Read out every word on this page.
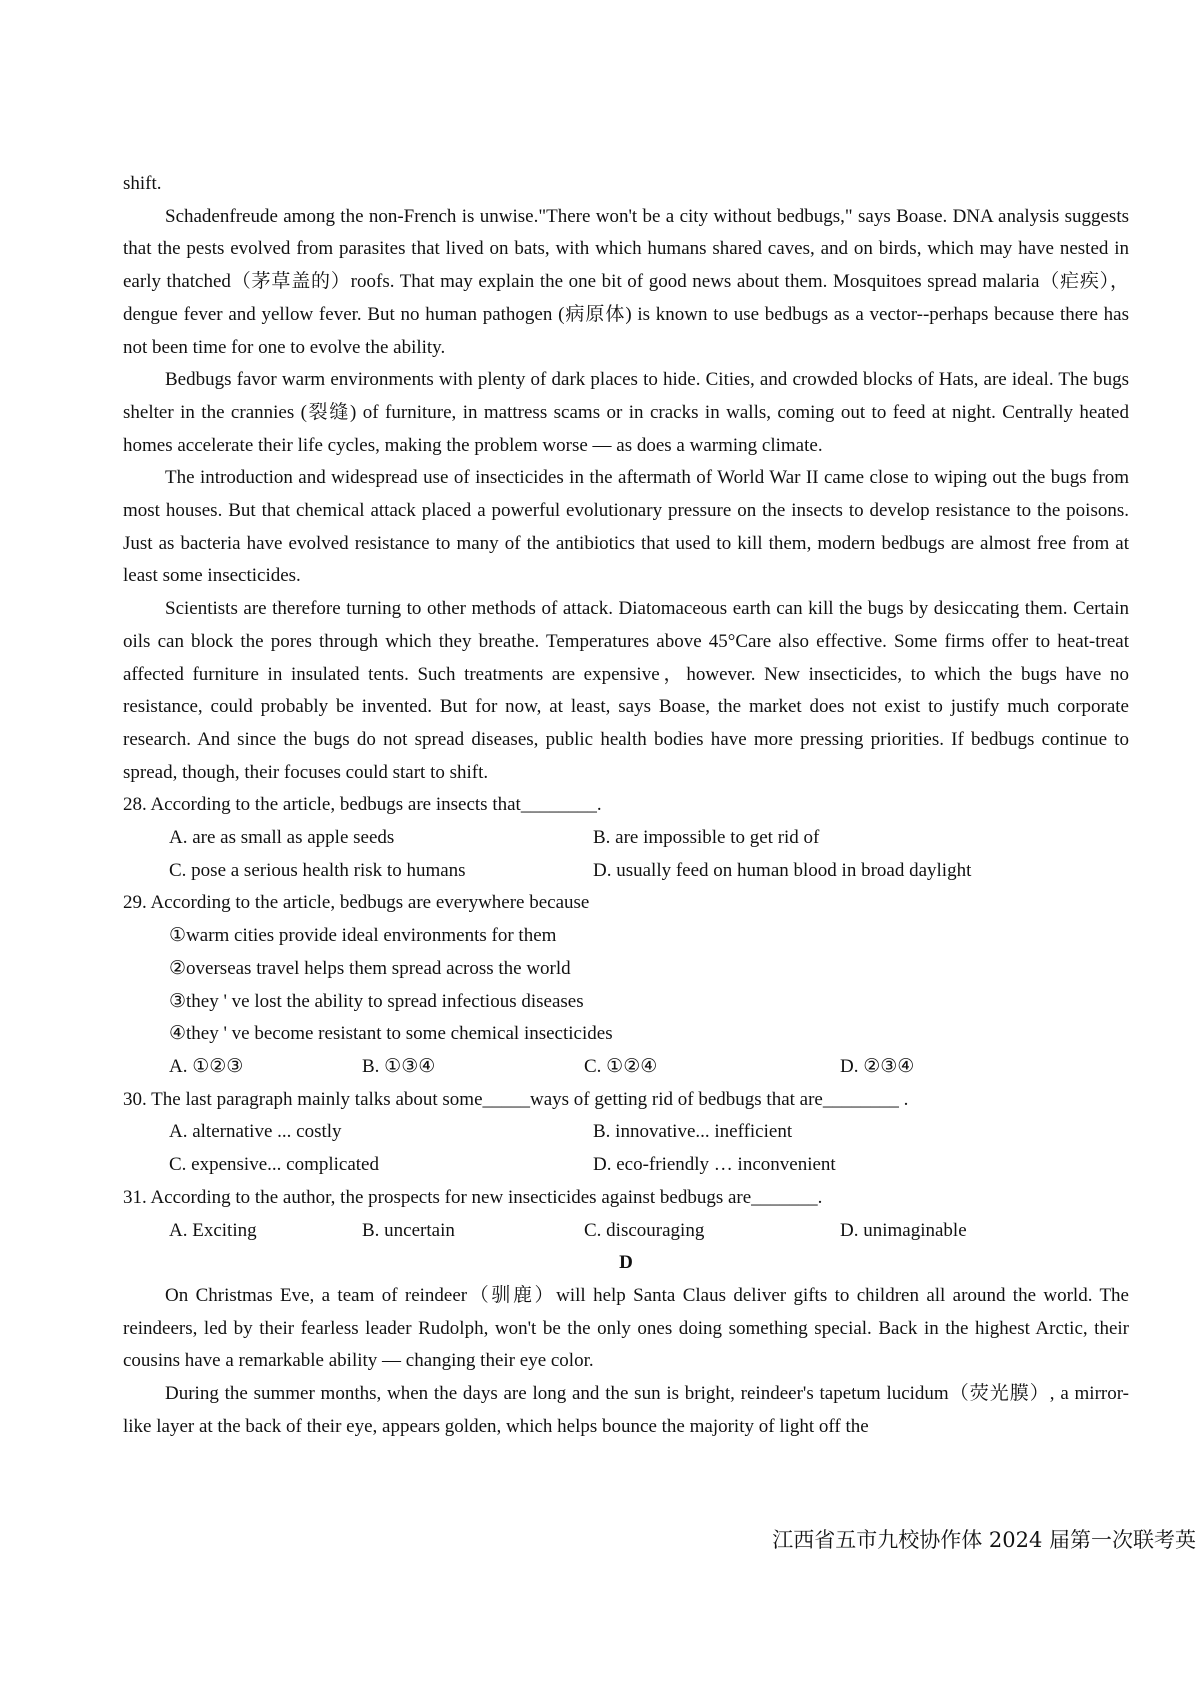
shift.

Schadenfreude among the non-French is unwise."There won't be a city without bedbugs," says Boase. DNA analysis suggests that the pests evolved from parasites that lived on bats, with which humans shared caves, and on birds, which may have nested in early thatched（茅草盖的）roofs. That may explain the one bit of good news about them. Mosquitoes spread malaria（疟疾）， dengue fever and yellow fever. But no human pathogen (病原体) is known to use bedbugs as a vector--perhaps because there has not been time for one to evolve the ability.

Bedbugs favor warm environments with plenty of dark places to hide. Cities, and crowded blocks of Hats, are ideal. The bugs shelter in the crannies (裂缝) of furniture, in mattress scams or in cracks in walls, coming out to feed at night. Centrally heated homes accelerate their life cycles, making the problem worse — as does a warming climate.

The introduction and widespread use of insecticides in the aftermath of World War II came close to wiping out the bugs from most houses. But that chemical attack placed a powerful evolutionary pressure on the insects to develop resistance to the poisons. Just as bacteria have evolved resistance to many of the antibiotics that used to kill them, modern bedbugs are almost free from at least some insecticides.

Scientists are therefore turning to other methods of attack. Diatomaceous earth can kill the bugs by desiccating them. Certain oils can block the pores through which they breathe. Temperatures above 45°Care also effective. Some firms offer to heat-treat affected furniture in insulated tents. Such treatments are expensive，however. New insecticides, to which the bugs have no resistance, could probably be invented. But for now, at least, says Boase, the market does not exist to justify much corporate research. And since the bugs do not spread diseases, public health bodies have more pressing priorities. If bedbugs continue to spread, though, their focuses could start to shift.

28. According to the article, bedbugs are insects that________.
A. are as small as apple seeds	B. are impossible to get rid of
C. pose a serious health risk to humans	D. usually feed on human blood in broad daylight
29. According to the article, bedbugs are everywhere because
①warm cities provide ideal environments for them
②overseas travel helps them spread across the world
③they ' ve lost the ability to spread infectious diseases
④they ' ve become resistant to some chemical insecticides
A. ①②③	B. ①③④	C. ①②④	D. ②③④
30. The last paragraph mainly talks about some_____ways of getting rid of bedbugs that are________ .
A. alternative ... costly	B. innovative... inefficient
C. expensive... complicated	D. eco-friendly … inconvenient
31. According to the author, the prospects for new insecticides against bedbugs are_______.
A. Exciting	B. uncertain	C. discouraging	D. unimaginable
D

On Christmas Eve, a team of reindeer（驯鹿）will help Santa Claus deliver gifts to children all around the world. The reindeers, led by their fearless leader Rudolph, won't be the only ones doing something special. Back in the highest Arctic, their cousins have a remarkable ability — changing their eye color.

During the summer months, when the days are long and the sun is bright, reindeer's tapetum lucidum（荧光膜）, a mirror-like layer at the back of their eye, appears golden, which helps bounce the majority of light off the

江西省五市九校协作体 2024 届第一次联考英
